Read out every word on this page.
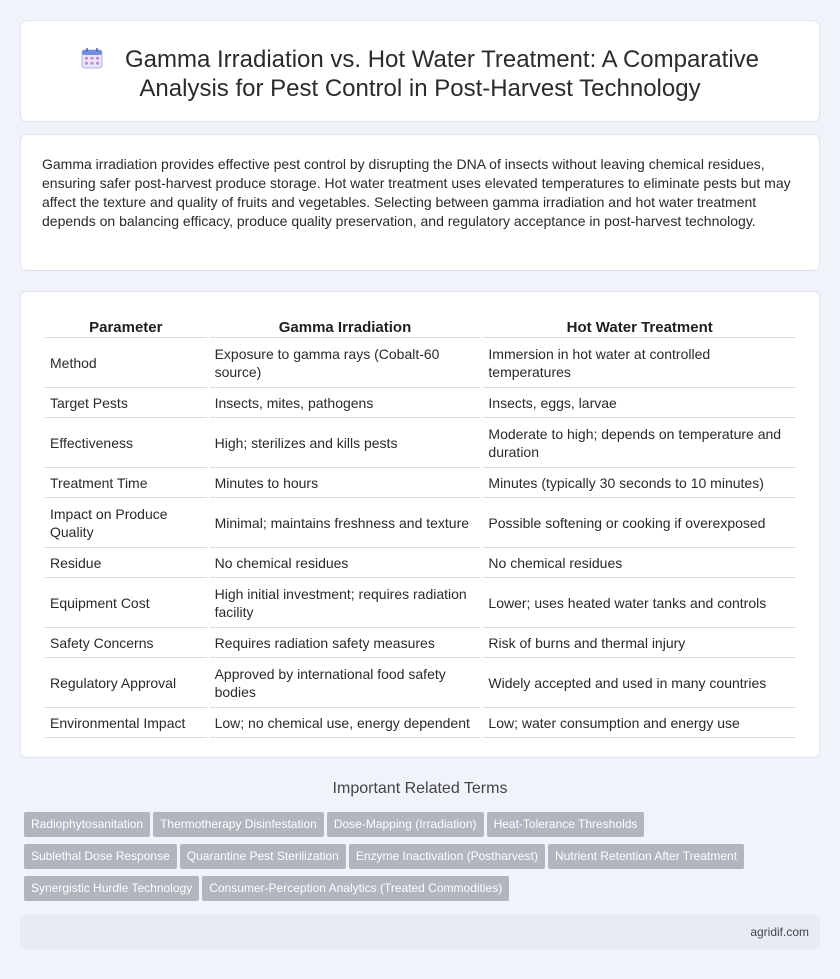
Gamma Irradiation vs. Hot Water Treatment: A Comparative
Analysis for Pest Control in Post-Harvest Technology

Gamma irradiation provides effective pest control by disrupting the DNA of insects without leaving chemical residues, ensuring safer post-harvest produce storage. Hot water treatment uses elevated temperatures to eliminate pests but may affect the texture and quality of fruits and vegetables. Selecting between gamma irradiation and hot water treatment depends on balancing efficacy, produce quality preservation, and regulatory acceptance in post-harvest technology.

Parameter	Gamma Irradiation	Hot Water Treatment
Method	Exposure to gamma rays (Cobalt-60 source)	Immersion in hot water at controlled temperatures
Target Pests	Insects, mites, pathogens	Insects, eggs, larvae
Effectiveness	High; sterilizes and kills pests	Moderate to high; depends on temperature and duration
Treatment Time	Minutes to hours	Minutes (typically 30 seconds to 10 minutes)
Impact on Produce Quality	Minimal; maintains freshness and texture	Possible softening or cooking if overexposed
Residue	No chemical residues	No chemical residues
Equipment Cost	High initial investment; requires radiation facility	Lower; uses heated water tanks and controls
Safety Concerns	Requires radiation safety measures	Risk of burns and thermal injury
Regulatory Approval	Approved by international food safety bodies	Widely accepted and used in many countries
Environmental Impact	Low; no chemical use, energy dependent	Low; water consumption and energy use
Important Related Terms
Radiophytosanitation Thermotherapy Disinfestation Dose-Mapping (Irradiation) Heat-Tolerance Thresholds
Sublethal Dose Response Quarantine Pest Sterilization Enzyme Inactivation (Postharvest) Nutrient Retention After Treatment
Synergistic Hurdle Technology Consumer-Perception Analytics (Treated Commodities)
agridif.com
